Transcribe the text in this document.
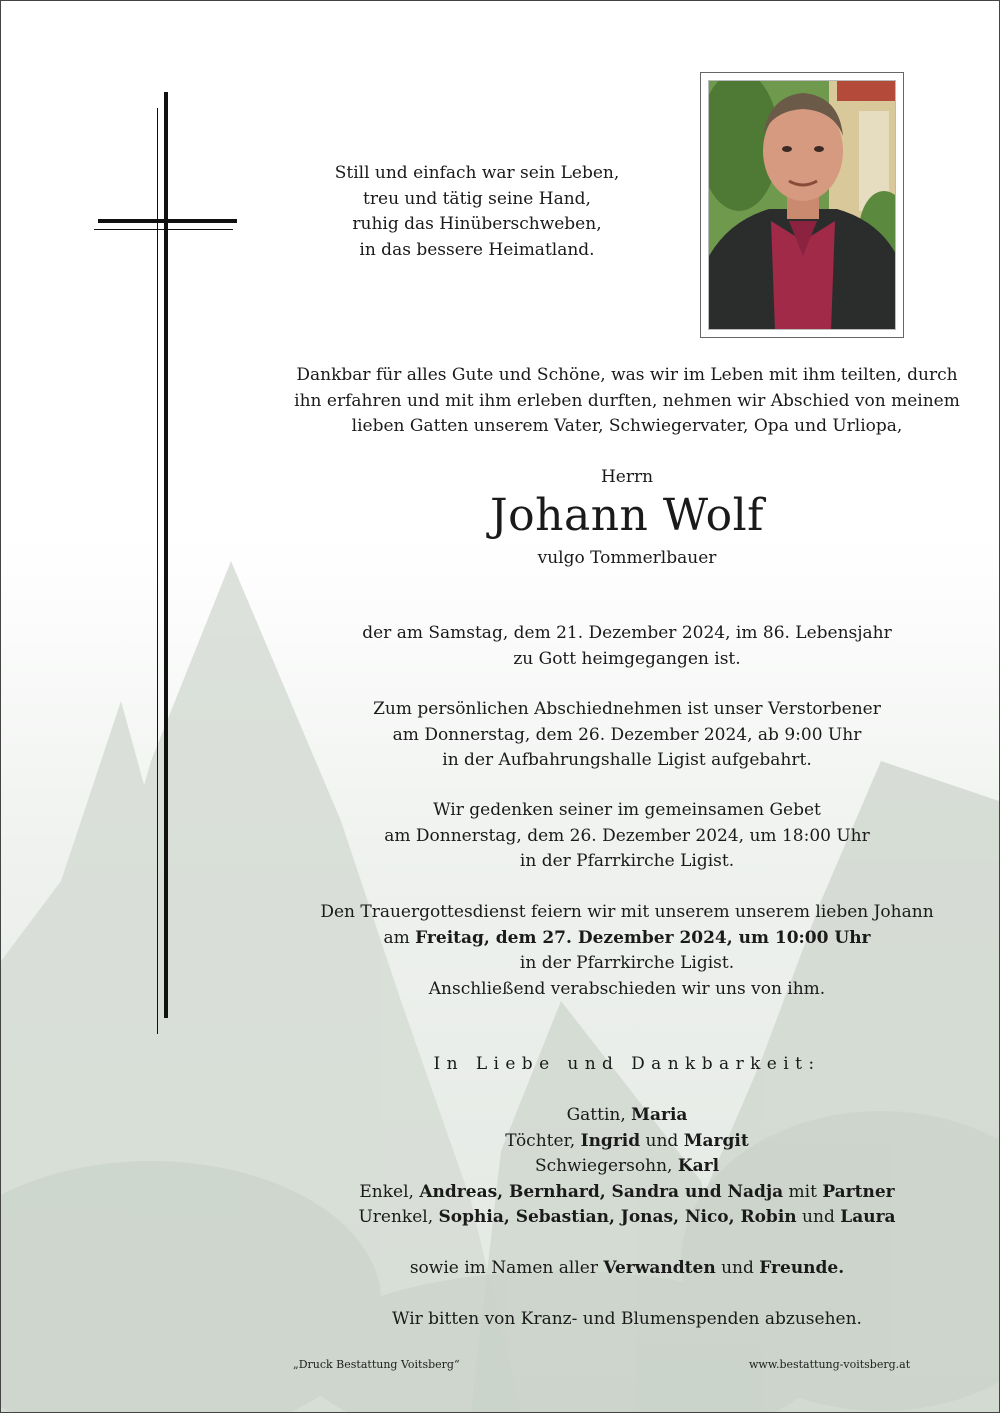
Still und einfach war sein Leben,
treu und tätig seine Hand,
ruhig das Hinüberschweben,
in das bessere Heimatland.
Dankbar für alles Gute und Schöne, was wir im Leben mit ihm teilten, durch
ihn erfahren und mit ihm erleben durften, nehmen wir Abschied von meinem
lieben Gatten unserem Vater, Schwiegervater, Opa und Urliopa,
Herrn
Johann Wolf
vulgo Tommerlbauer
der am Samstag, dem 21. Dezember 2024, im 86. Lebensjahr
zu Gott heimgegangen ist.
Zum persönlichen Abschiednehmen ist unser Verstorbener
am Donnerstag, dem 26. Dezember 2024, ab 9:00 Uhr
in der Aufbahrungshalle Ligist aufgebahrt.
Wir gedenken seiner im gemeinsamen Gebet
am Donnerstag, dem 26. Dezember 2024, um 18:00 Uhr
in der Pfarrkirche Ligist.
Den Trauergottesdienst feiern wir mit unserem unserem lieben Johann
am Freitag, dem 27. Dezember 2024, um 10:00 Uhr
in der Pfarrkirche Ligist.
Anschließend verabschieden wir uns von ihm.
In Liebe und Dankbarkeit:
Gattin, Maria
Töchter, Ingrid und Margit
Schwiegersohn, Karl
Enkel, Andreas, Bernhard, Sandra und Nadja mit Partner
Urenkel, Sophia, Sebastian, Jonas, Nico, Robin und Laura
sowie im Namen aller Verwandten und Freunde.
Wir bitten von Kranz- und Blumenspenden abzusehen.
„Druck Bestattung Voitsberg“	www.bestattung-voitsberg.at
